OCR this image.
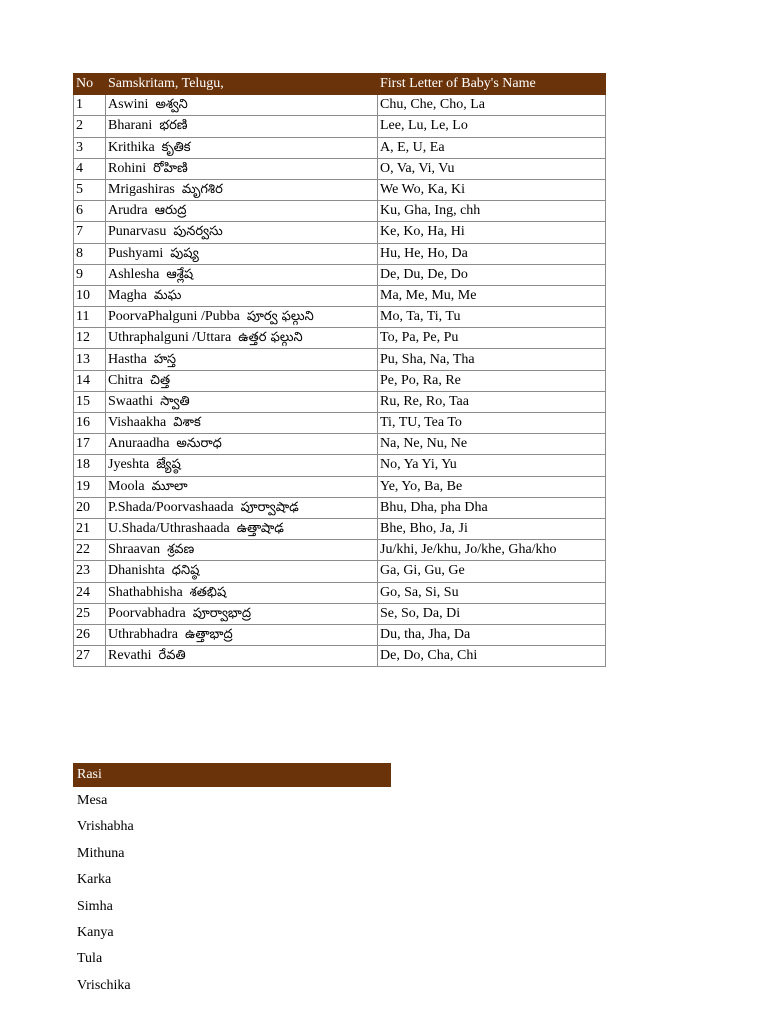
No	Samskritam, Telugu,	First Letter of Baby's Name
1	Aswini అశ్వని	Chu, Che, Cho, La
2	Bharani భరణి	Lee, Lu, Le, Lo
3	Krithika కృతిక	A, E, U, Ea
4	Rohini రోహిణి	O, Va, Vi, Vu
5	Mrigashiras మృగశిర	We Wo, Ka, Ki
6	Arudra ఆరుద్ర	Ku, Gha, Ing, chh
7	Punarvasu పునర్వసు	Ke, Ko, Ha, Hi
8	Pushyami పుష్య	Hu, He, Ho, Da
9	Ashlesha ఆశ్లేష	De, Du, De, Do
10	Magha మఘ	Ma, Me, Mu, Me
11	PoorvaPhalguni /Pubba పూర్వ ఫల్గుని	Mo, Ta, Ti, Tu
12	Uthraphalguni /Uttara ఉత్తర ఫల్గుని	To, Pa, Pe, Pu
13	Hastha హస్త	Pu, Sha, Na, Tha
14	Chitra చిత్త	Pe, Po, Ra, Re
15	Swaathi స్వాతి	Ru, Re, Ro, Taa
16	Vishaakha విశాక	Ti, TU, Tea To
17	Anuraadha అనురాధ	Na, Ne, Nu, Ne
18	Jyeshta జ్యేష్ఠ	No, Ya Yi, Yu
19	Moola మూలా	Ye, Yo, Ba, Be
20	P.Shada/Poorvashaada పూర్వాషాఢ	Bhu, Dha, pha Dha
21	U.Shada/Uthrashaada ఉత్తాషాఢ	Bhe, Bho, Ja, Ji
22	Shraavan శ్రవణ	Ju/khi, Je/khu, Jo/khe, Gha/kho
23	Dhanishta ధనిష్ఠ	Ga, Gi, Gu, Ge
24	Shathabhisha శతభిష	Go, Sa, Si, Su
25	Poorvabhadra పూర్వాభాద్ర	Se, So, Da, Di
26	Uthrabhadra ఉత్తాభాద్ర	Du, tha, Jha, Da
27	Revathi రేవతి	De, Do, Cha, Chi
Rasi
Mesa
Vrishabha
Mithuna
Karka
Simha
Kanya
Tula
Vrischika
